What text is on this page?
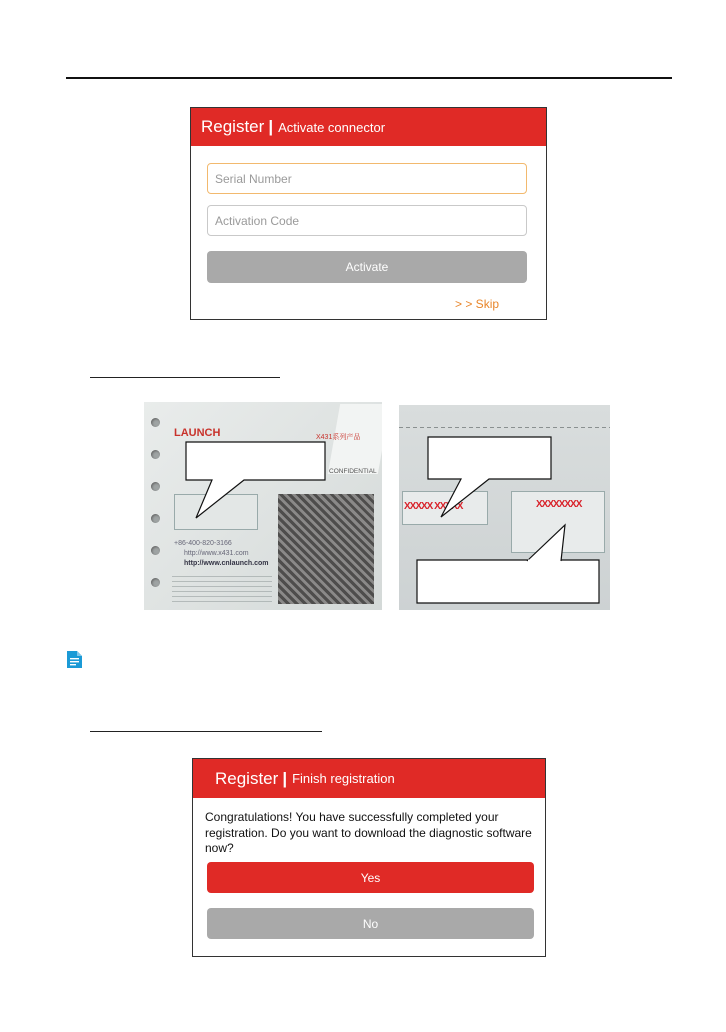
Register | Activate connector
Serial Number
Activation Code
Activate
> > Skip
LAUNCH	X431系列产品
CONFIDENTIAL
+86-400-820-3166
http://www.x431.com
http://www.cnlaunch.com
XXXXX XXXXX	XXXXXXXX
Register | Finish registration
Congratulations! You have successfully completed your registration. Do you want to download the diagnostic software now?
Yes
No
